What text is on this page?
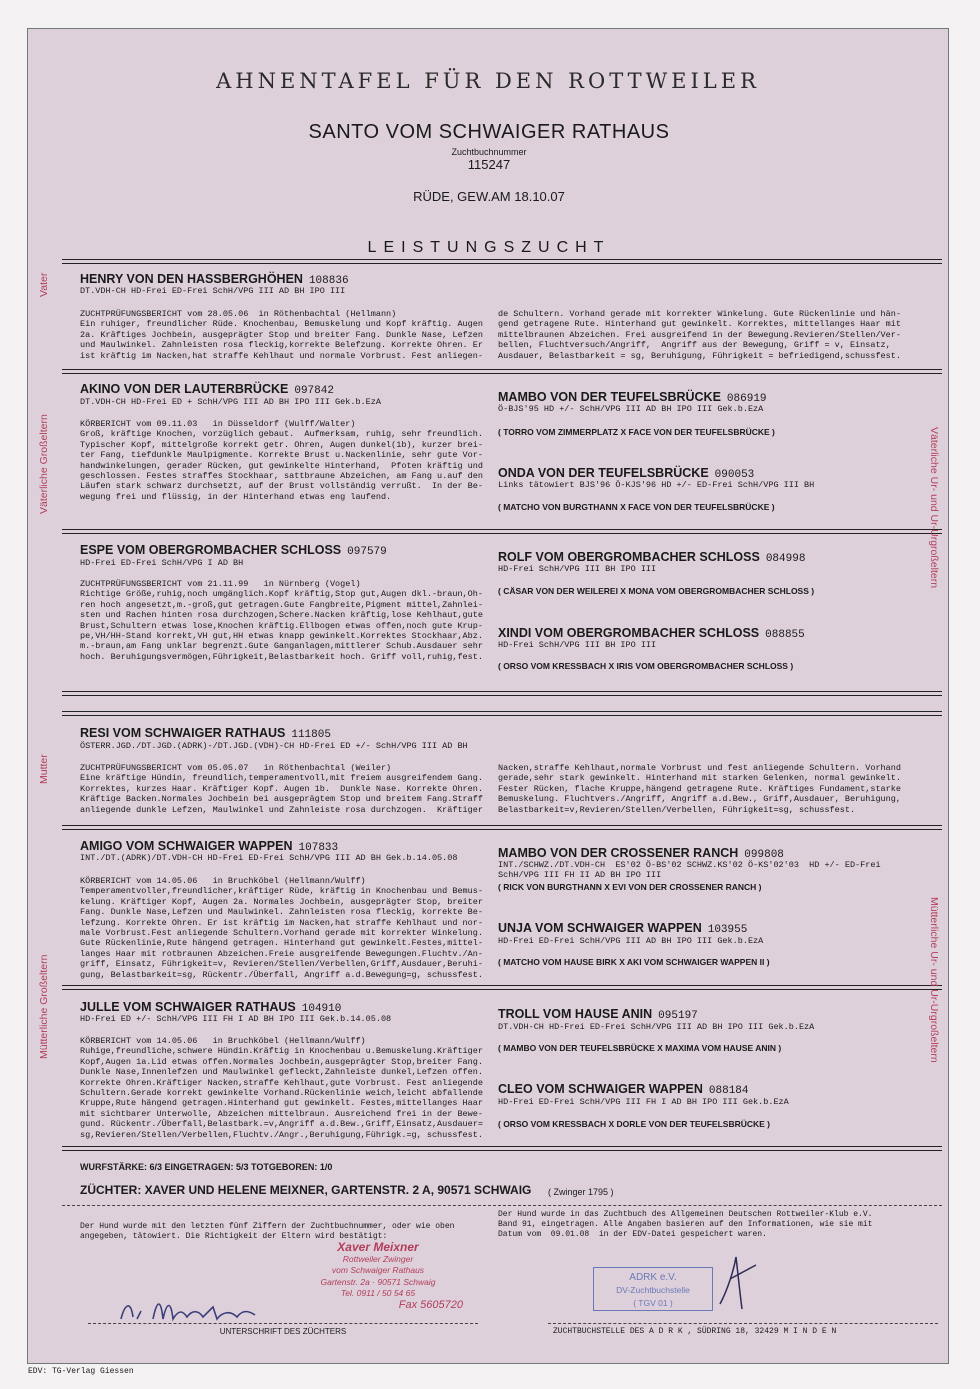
AHNENTAFEL FÜR DEN ROTTWEILER
SANTO VOM SCHWAIGER RATHAUS
Zuchtbuchnummer
115247
RÜDE, GEW.AM 18.10.07
LEISTUNGSZUCHT
HENRY VON DEN HASSBERGHÖHEN 108836
DT.VDH-CH HD-Frei ED-Frei SchH/VPG III AD BH IPO III
ZUCHTPRÜFUNGSBERICHT vom 28.05.06  in Röthenbachtal (Hellmann)
Ein ruhiger, freundlicher Rüde. Knochenbau, Bemuskelung und Kopf kräftig. Augen
2a. Kräftiges Jochbein, ausgeprägter Stop und breiter Fang. Dunkle Nase, Lefzen
und Maulwinkel. Zahnleisten rosa fleckig,korrekte Belefzung. Korrekte Ohren. Er
ist kräftig im Nacken,hat straffe Kehlhaut und normale Vorbrust. Fest anliegen-
de Schultern. Vorhand gerade mit korrekter Winkelung. Gute Rückenlinie und hän-
gend getragene Rute. Hinterhand gut gewinkelt. Korrektes, mittellanges Haar mit
mittelbraunen Abzeichen. Frei ausgreifend in der Bewegung.Revieren/Stellen/Ver-
bellen, Fluchtversuch/Angriff,  Angriff aus der Bewegung, Griff = v, Einsatz,
Ausdauer, Belastbarkeit = sg, Beruhigung, Führigkeit = befriedigend,schussfest.
AKINO VON DER LAUTERBRÜCKE 097842
DT.VDH-CH HD-Frei ED + SchH/VPG III AD BH IPO III Gek.b.EzA
KÖRBERICHT vom 09.11.03   in Düsseldorf (Wulff/Walter)
Groß, kräftige Knochen, vorzüglich gebaut.  Aufmerksam, ruhig, sehr freundlich.
Typischer Kopf, mittelgroße korrekt getr. Ohren, Augen dunkel(1b), kurzer brei-
ter Fang, tiefdunkle Maulpigmente. Korrekte Brust u.Nackenlinie, sehr gute Vor-
handwinkelungen, gerader Rücken, gut gewinkelte Hinterhand,  Pfoten kräftig und
geschlossen. Festes straffes Stockhaar, sattbraune Abzeichen, am Fang u.auf den
Läufen stark schwarz durchsetzt, auf der Brust vollständig verrußt.  In der Be-
wegung frei und flüssig, in der Hinterhand etwas eng laufend.
MAMBO VON DER TEUFELSBRÜCKE 086919
Ö-BJS'95 HD +/- SchH/VPG III AD BH IPO III Gek.b.EzA
( TORRO VOM ZIMMERPLATZ X FACE VON DER TEUFELSBRÜCKE )
ONDA VON DER TEUFELSBRÜCKE 090053
Links tätowiert BJS'96 Ö-KJS'96 HD +/- ED-Frei SchH/VPG III BH
( MATCHO VON BURGTHANN X FACE VON DER TEUFELSBRÜCKE )
ESPE VOM OBERGROMBACHER SCHLOSS 097579
HD-Frei ED-Frei SchH/VPG I AD BH
ZUCHTPRÜFUNGSBERICHT vom 21.11.99   in Nürnberg (Vogel)
Richtige Größe,ruhig,noch umgänglich.Kopf kräftig,Stop gut,Augen dkl.-braun,Oh-
ren hoch angesetzt,m.-groß,gut getragen.Gute Fangbreite,Pigment mittel,Zahnlei-
sten und Rachen hinten rosa durchzogen,Schere.Nacken kräftig,lose Kehlhaut,gute
Brust,Schultern etwas lose,Knochen kräftig.Ellbogen etwas offen,noch gute Krup-
pe,VH/HH-Stand korrekt,VH gut,HH etwas knapp gewinkelt.Korrektes Stockhaar,Abz.
m.-braun,am Fang unklar begrenzt.Gute Ganganlagen,mittlerer Schub.Ausdauer sehr
hoch. Beruhigungsvermögen,Führigkeit,Belastbarkeit hoch. Griff voll,ruhig,fest.
ROLF VOM OBERGROMBACHER SCHLOSS 084998
HD-Frei SchH/VPG III BH IPO III
( CÄSAR VON DER WEILEREI X MONA VOM OBERGROMBACHER SCHLOSS )
XINDI VOM OBERGROMBACHER SCHLOSS 088855
HD-Frei SchH/VPG III BH IPO III
( ORSO VOM KRESSBACH X IRIS VOM OBERGROMBACHER SCHLOSS )
RESI VOM SCHWAIGER RATHAUS 111805
ÖSTERR.JGD./DT.JGD.(ADRK)-/DT.JGD.(VDH)-CH HD-Frei ED +/- SchH/VPG III AD BH
ZUCHTPRÜFUNGSBERICHT vom 05.05.07   in Röthenbachtal (Weiler)
Eine kräftige Hündin, freundlich,temperamentvoll,mit freiem ausgreifendem Gang.
Korrektes, kurzes Haar. Kräftiger Kopf. Augen 1b.  Dunkle Nase. Korrekte Ohren.
Kräftige Backen.Normales Jochbein bei ausgeprägtem Stop und breitem Fang.Straff
anliegende dunkle Lefzen, Maulwinkel und Zahnleiste rosa durchzogen.  Kräftiger
Nacken,straffe Kehlhaut,normale Vorbrust und fest anliegende Schultern. Vorhand
gerade,sehr stark gewinkelt. Hinterhand mit starken Gelenken, normal gewinkelt.
Fester Rücken, flache Kruppe,hängend getragene Rute. Kräftiges Fundament,starke
Bemuskelung. Fluchtvers./Angriff, Angriff a.d.Bew., Griff,Ausdauer, Beruhigung,
Belastbarkeit=v,Revieren/Stellen/Verbellen, Führigkeit=sg, schussfest.
AMIGO VOM SCHWAIGER WAPPEN 107833
INT./DT.(ADRK)/DT.VDH-CH HD-Frei ED-Frei SchH/VPG III AD BH Gek.b.14.05.08
KÖRBERICHT vom 14.05.06   in Bruchköbel (Hellmann/Wulff)
Temperamentvoller,freundlicher,kräftiger Rüde, kräftig in Knochenbau und Bemus-
kelung. Kräftiger Kopf, Augen 2a. Normales Jochbein, ausgeprägter Stop, breiter
Fang. Dunkle Nase,Lefzen und Maulwinkel. Zahnleisten rosa fleckig, korrekte Be-
lefzung. Korrekte Ohren. Er ist kräftig im Nacken,hat straffe Kehlhaut und nor-
male Vorbrust.Fest anliegende Schultern.Vorhand gerade mit korrekter Winkelung.
Gute Rückenlinie,Rute hängend getragen. Hinterhand gut gewinkelt.Festes,mittel-
langes Haar mit rotbraunen Abzeichen.Freie ausgreifende Bewegungen.Fluchtv./An-
griff, Einsatz, Führigkeit=v, Revieren/Stellen/Verbellen,Griff,Ausdauer,Beruhi-
gung, Belastbarkeit=sg, Rückentr./Überfall, Angriff a.d.Bewegung=g, schussfest.
MAMBO VON DER CROSSENER RANCH 099808
INT./SCHWZ./DT.VDH-CH  ES'02 Ö-BS'02 SCHWZ.KS'02 Ö-KS'02'03  HD +/- ED-Frei
SchH/VPG III FH II AD BH IPO III
( RICK VON BURGTHANN X EVI VON DER CROSSENER RANCH )
UNJA VOM SCHWAIGER WAPPEN 103955
HD-Frei ED-Frei SchH/VPG III AD BH IPO III Gek.b.EzA
( MATCHO VOM HAUSE BIRK X AKI VOM SCHWAIGER WAPPEN II )
JULLE VOM SCHWAIGER RATHAUS 104910
HD-Frei ED +/- SchH/VPG III FH I AD BH IPO III Gek.b.14.05.08
KÖRBERICHT vom 14.05.06   in Bruchköbel (Hellmann/Wulff)
Ruhige,freundliche,schwere Hündin.Kräftig in Knochenbau u.Bemuskelung.Kräftiger
Kopf,Augen 1a.Lid etwas offen.Normales Jochbein,ausgeprägter Stop,breiter Fang.
Dunkle Nase,Innenlefzen und Maulwinkel gefleckt,Zahnleiste dunkel,Lefzen offen.
Korrekte Ohren.Kräftiger Nacken,straffe Kehlhaut,gute Vorbrust. Fest anliegende
Schultern.Gerade korrekt gewinkelte Vorhand.Rückenlinie weich,leicht abfallende
Kruppe,Rute hängend getragen.Hinterhand gut gewinkelt. Festes,mittellanges Haar
mit sichtbarer Unterwolle, Abzeichen mittelbraun. Ausreichend frei in der Bewe-
gund. Rückentr./Überfall,Belastbark.=v,Angriff a.d.Bew.,Griff,Einsatz,Ausdauer=
sg,Revieren/Stellen/Verbellen,Fluchtv./Angr.,Beruhigung,Führigk.=g, schussfest.
TROLL VOM HAUSE ANIN 095197
DT.VDH-CH HD-Frei ED-Frei SchH/VPG III AD BH IPO III Gek.b.EzA
( MAMBO VON DER TEUFELSBRÜCKE X MAXIMA VOM HAUSE ANIN )
CLEO VOM SCHWAIGER WAPPEN 088184
HD-Frei ED-Frei SchH/VPG III FH I AD BH IPO III Gek.b.EzA
( ORSO VOM KRESSBACH X DORLE VON DER TEUFELSBRÜCKE )
WURFSTÄRKE: 6/3 EINGETRAGEN: 5/3 TOTGEBOREN: 1/0
ZÜCHTER: XAVER UND HELENE MEIXNER, GARTENSTR. 2 A, 90571 SCHWAIG ( Zwinger 1795 )
Der Hund wurde mit den letzten fünf Ziffern der Zuchtbuchnummer, oder wie oben
angegeben, tätowiert. Die Richtigkeit der Eltern wird bestätigt:
Der Hund wurde in das Zuchtbuch des Allgemeinen Deutschen Rottweiler-Klub e.V.
Band 91, eingetragen. Alle Angaben basieren auf den Informationen, wie sie mit
Datum vom  09.01.08  in der EDV-Datei gespeichert waren.
Xaver Meixner
Rottweiler Zwinger
vom Schwaiger Rathaus
Gartenstr. 2a · 90571 Schwaig
Tel. 0911 / 50 54 65
Fax 5605720
UNTERSCHRIFT DES ZÜCHTERS
ADRK e.V.
DV-Zuchtbuchstelle
( TGV 01 )
ZUCHTBUCHSTELLE DES A D R K , SÜDRING 18, 32429 M I N D E N
Vater
Väterliche Großeltern
Mutter
Mütterliche Großeltern
Väterliche Ur- und Ur-Urgroßeltern
Mütterliche Ur- und Ur-Urgroßeltern
EDV: TG-Verlag Giessen
